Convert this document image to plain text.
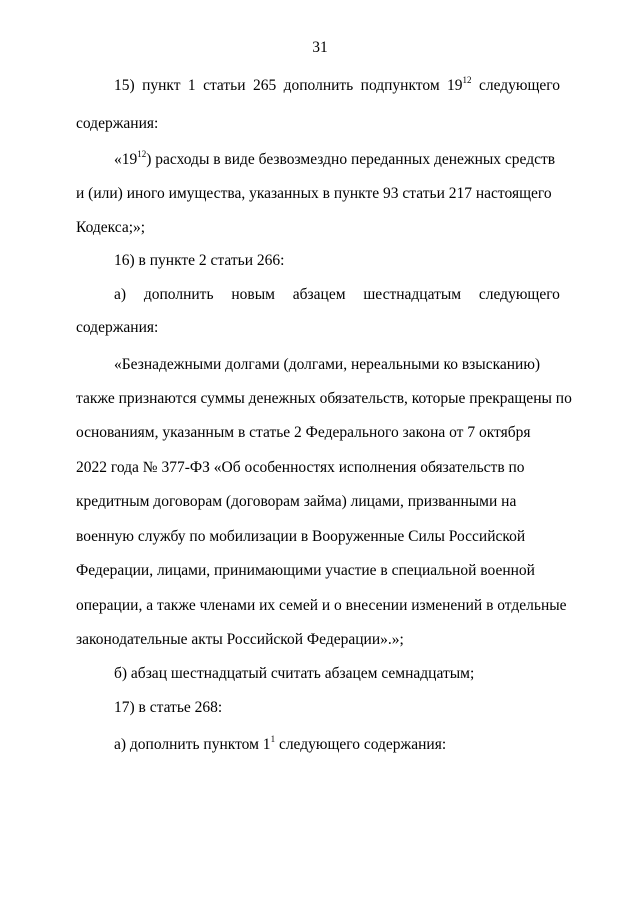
31
15) пункт 1 статьи 265 дополнить подпунктом $19^{12}$ следующего
содержания:
«$19^{12}$) расходы в виде безвозмездно переданных денежных средств
и (или) иного имущества, указанных в пункте 93 статьи 217 настоящего
Кодекса;»;
16) в пункте 2 статьи 266:
а) дополнить новым абзацем шестнадцатым следующего
содержания:
«Безнадежными долгами (долгами, нереальными ко взысканию)
также признаются суммы денежных обязательств, которые прекращены по
основаниям, указанным в статье 2 Федерального закона от 7 октября
2022 года № 377-ФЗ «Об особенностях исполнения обязательств по
кредитным договорам (договорам займа) лицами, призванными на
военную службу по мобилизации в Вооруженные Силы Российской
Федерации, лицами, принимающими участие в специальной военной
операции, а также членами их семей и о внесении изменений в отдельные
законодательные акты Российской Федерации».»;
б) абзац шестнадцатый считать абзацем семнадцатым;
17) в статье 268:
а) дополнить пунктом $1^1$ следующего содержания:
